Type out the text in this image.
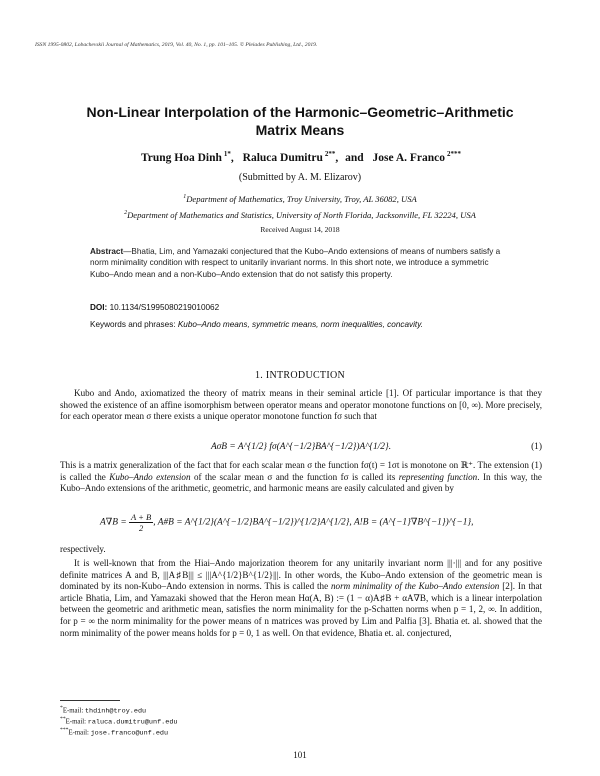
ISSN 1995-0802, Lobachevskii Journal of Mathematics, 2019, Vol. 40, No. 1, pp. 101–105. © Pleiades Publishing, Ltd., 2019.
Non-Linear Interpolation of the Harmonic–Geometric–Arithmetic
Matrix Means
Trung Hoa Dinh $^{1*}$, Raluca Dumitru $^{2**}$, and Jose A. Franco $^{2***}$
(Submitted by A. M. Elizarov)
$^1$Department of Mathematics, Troy University, Troy, AL 36082, USA
$^2$Department of Mathematics and Statistics, University of North Florida, Jacksonville, FL 32224, USA
Received August 14, 2018
Abstract—Bhatia, Lim, and Yamazaki conjectured that the Kubo–Ando extensions of means of numbers satisfy a norm minimality condition with respect to unitarily invariant norms. In this short note, we introduce a symmetric Kubo–Ando mean and a non-Kubo–Ando extension that do not satisfy this property.
DOI: 10.1134/S1995080219010062
Keywords and phrases: Kubo–Ando means, symmetric means, norm inequalities, concavity.
1. INTRODUCTION
Kubo and Ando, axiomatized the theory of matrix means in their seminal article [1]. Of particular importance is that they showed the existence of an affine isomorphism between operator means and operator monotone functions on [0, ∞). More precisely, for each operator mean σ there exists a unique operator monotone function fσ such that
AσB = A^{1/2} fσ(A^{−1/2}BA^{−1/2})A^{1/2}.	(1)
This is a matrix generalization of the fact that for each scalar mean σ the function fσ(t) = 1σt is monotone on ℝ⁺. The extension (1) is called the Kubo–Ando extension of the scalar mean σ and the function fσ is called its representing function. In this way, the Kubo–Ando extensions of the arithmetic, geometric, and harmonic means are easily calculated and given by
$A\nabla B = \frac{A + B}{2}$ , A#B = A^{1/2}(A^{−1/2}BA^{−1/2})^{1/2}A^{1/2}, A!B = (A^{−1}∇B^{−1})^{−1},
respectively.
It is well-known that from the Hiai–Ando majorization theorem for any unitarily invariant norm |||·||| and for any positive definite matrices A and B, |||A♯B||| ≤ |||A^{1/2}B^{1/2}|||. In other words, the Kubo–Ando extension of the geometric mean is dominated by its non-Kubo–Ando extension in norms. This is called the norm minimality of the Kubo–Ando extension [2]. In that article Bhatia, Lim, and Yamazaki showed that the Heron mean Hα(A, B) := (1 − α)A♯B + αA∇B, which is a linear interpolation between the geometric and arithmetic mean, satisfies the norm minimality for the p-Schatten norms when p = 1, 2, ∞. In addition, for p = ∞ the norm minimality for the power means of n matrices was proved by Lim and Palfia [3]. Bhatia et. al. showed that the norm minimality of the power means holds for p = 0, 1 as well. On that evidence, Bhatia et. al. conjectured,
*E-mail: thdinh@troy.edu
**E-mail: raluca.dumitru@unf.edu
***E-mail: jose.franco@unf.edu
101
